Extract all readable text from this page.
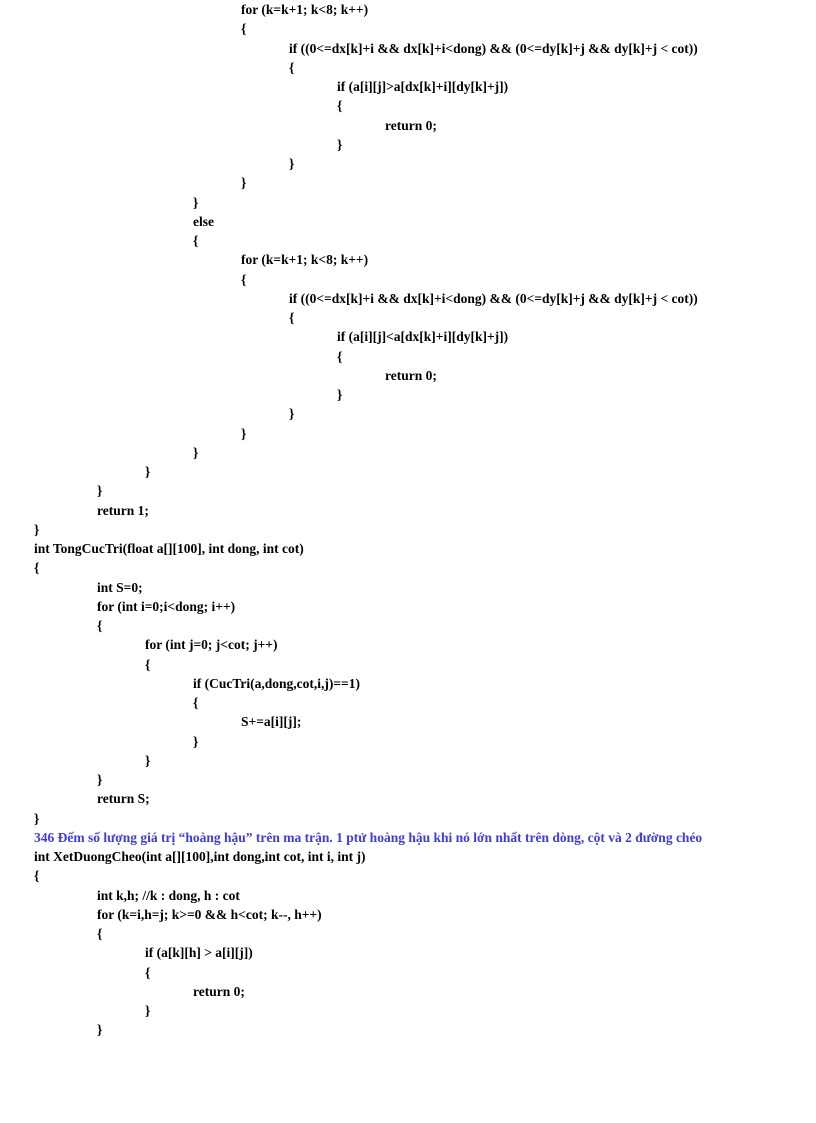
for (k=k+1; k<8; k++)
{
if ((0<=dx[k]+i && dx[k]+i<dong) && (0<=dy[k]+j && dy[k]+j < cot))
{
if (a[i][j]>a[dx[k]+i][dy[k]+j])
{
return 0;
}
}
}
}
else
{
for (k=k+1; k<8; k++)
{
if ((0<=dx[k]+i && dx[k]+i<dong) && (0<=dy[k]+j && dy[k]+j < cot))
{
if (a[i][j]<a[dx[k]+i][dy[k]+j])
{
return 0;
}
}
}
}
}
}
return 1;
}
int TongCucTri(float a[][100], int dong, int cot)
{
int S=0;
for (int i=0;i<dong; i++)
{
for (int j=0; j<cot; j++)
{
if (CucTri(a,dong,cot,i,j)==1)
{
S+=a[i][j];
}
}
}
return S;
}
346 Đếm số lượng giá trị “hoàng hậu” trên ma trận. 1 ptử hoàng hậu khi nó lớn nhất trên dòng, cột và 2 đường chéo
int XetDuongCheo(int a[][100],int dong,int cot, int i, int j)
{
int k,h; //k : dong, h : cot
for (k=i,h=j; k>=0 && h<cot; k--, h++)
{
if (a[k][h] > a[i][j])
{
return 0;
}
}
